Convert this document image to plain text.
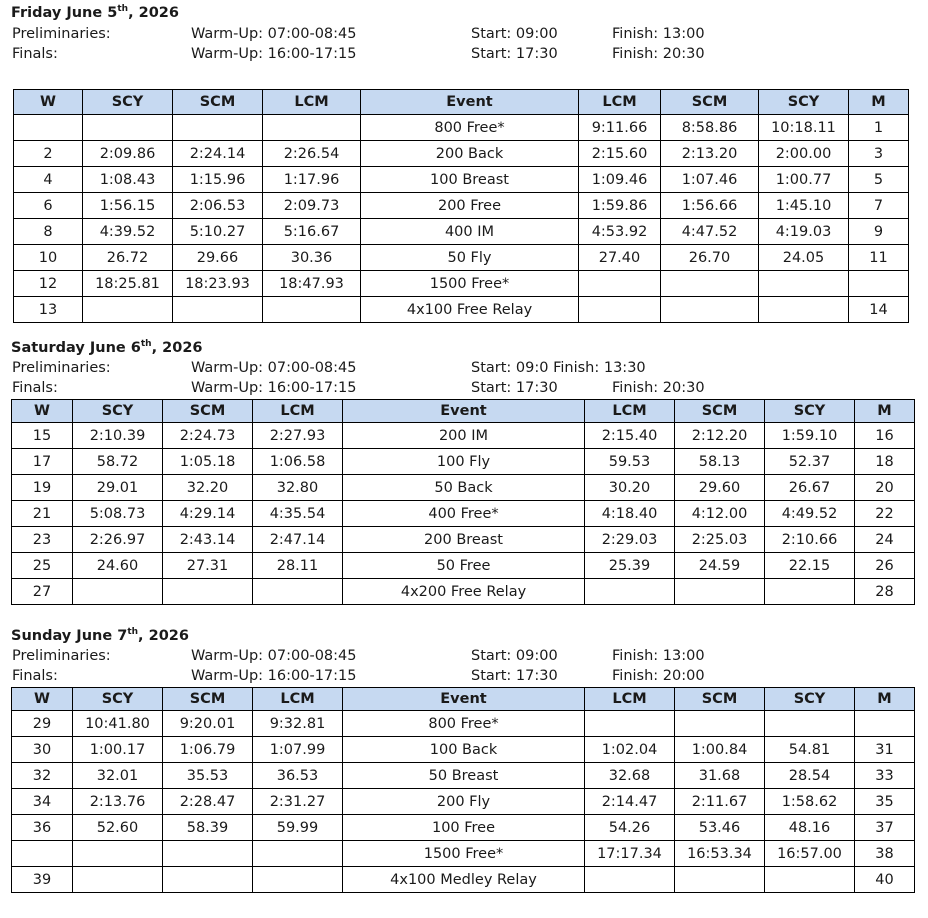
Friday June 5th, 2026
Preliminaries:	Warm-Up: 07:00-08:45	Start: 09:00	Finish: 13:00
Finals:	Warm-Up: 16:00-17:15	Start: 17:30	Finish: 20:30
W	SCY	SCM	LCM	Event	LCM	SCM	SCY	M
				800 Free*	9:11.66	8:58.86	10:18.11	1
2	2:09.86	2:24.14	2:26.54	200 Back	2:15.60	2:13.20	2:00.00	3
4	1:08.43	1:15.96	1:17.96	100 Breast	1:09.46	1:07.46	1:00.77	5
6	1:56.15	2:06.53	2:09.73	200 Free	1:59.86	1:56.66	1:45.10	7
8	4:39.52	5:10.27	5:16.67	400 IM	4:53.92	4:47.52	4:19.03	9
10	26.72	29.66	30.36	50 Fly	27.40	26.70	24.05	11
12	18:25.81	18:23.93	18:47.93	1500 Free*				
13				4x100 Free Relay				14
Saturday June 6th, 2026
Preliminaries:	Warm-Up: 07:00-08:45	Start: 09:0 Finish: 13:30
Finals:	Warm-Up: 16:00-17:15	Start: 17:30	Finish: 20:30
W	SCY	SCM	LCM	Event	LCM	SCM	SCY	M
15	2:10.39	2:24.73	2:27.93	200 IM	2:15.40	2:12.20	1:59.10	16
17	58.72	1:05.18	1:06.58	100 Fly	59.53	58.13	52.37	18
19	29.01	32.20	32.80	50 Back	30.20	29.60	26.67	20
21	5:08.73	4:29.14	4:35.54	400 Free*	4:18.40	4:12.00	4:49.52	22
23	2:26.97	2:43.14	2:47.14	200 Breast	2:29.03	2:25.03	2:10.66	24
25	24.60	27.31	28.11	50 Free	25.39	24.59	22.15	26
27				4x200 Free Relay				28
Sunday June 7th, 2026
Preliminaries:	Warm-Up: 07:00-08:45	Start: 09:00	Finish: 13:00
Finals:	Warm-Up: 16:00-17:15	Start: 17:30	Finish: 20:00
W	SCY	SCM	LCM	Event	LCM	SCM	SCY	M
29	10:41.80	9:20.01	9:32.81	800 Free*				
30	1:00.17	1:06.79	1:07.99	100 Back	1:02.04	1:00.84	54.81	31
32	32.01	35.53	36.53	50 Breast	32.68	31.68	28.54	33
34	2:13.76	2:28.47	2:31.27	200 Fly	2:14.47	2:11.67	1:58.62	35
36	52.60	58.39	59.99	100 Free	54.26	53.46	48.16	37
				1500 Free*	17:17.34	16:53.34	16:57.00	38
39				4x100 Medley Relay				40
